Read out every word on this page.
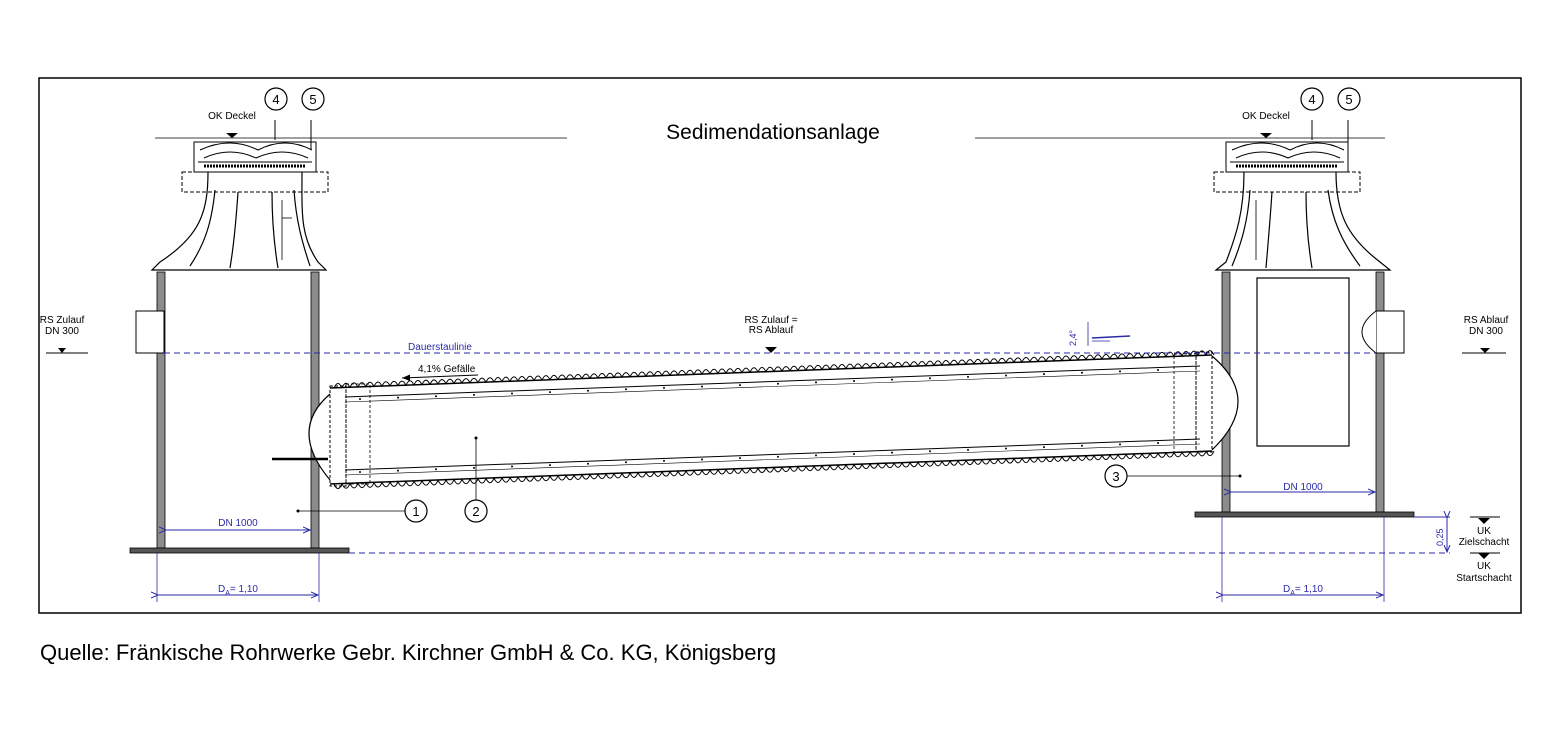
Sedimendationsanlage
Dauerstaulinie
4,1% Gefälle
RS Zulauf
DN 300
RS Ablauf
DN 300
RS Zulauf =
RS Ablauf
OK Deckel	OK Deckel
2,4°
DN 1000
DN 1000
$D_A= 1,10$	$D_A= 1,10$
0,25	UK
Zielschacht
UK
Startschacht
1	2
3
4 5	4 5
Quelle: Fränkische Rohrwerke Gebr. Kirchner GmbH & Co. KG, Königsberg
